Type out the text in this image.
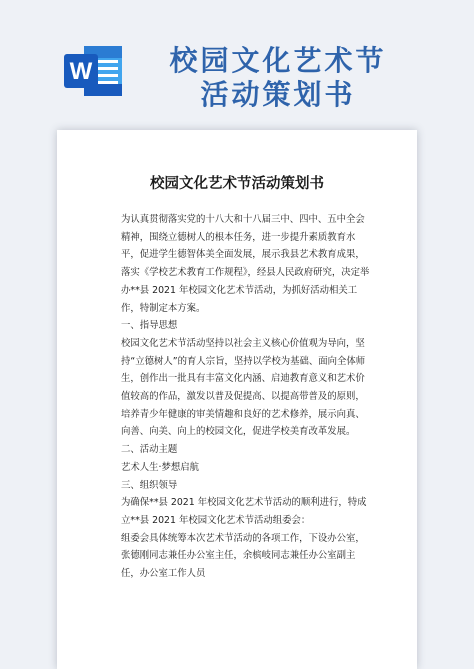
W	校园文化艺术节
活动策划书
校园文化艺术节活动策划书

为认真贯彻落实党的十八大和十八届三中、四中、五中全会精神，围绕立德树人的根本任务，进一步提升素质教育水平，促进学生德智体美全面发展，展示我县艺术教育成果，落实《学校艺术教育工作规程》，经县人民政府研究，决定举办**县 2021 年校园文化艺术节活动，为抓好活动相关工作，特制定本方案。

一、指导思想

校园文化艺术节活动坚持以社会主义核心价值观为导向，坚持“立德树人”的育人宗旨，坚持以学校为基础、面向全体师生，创作出一批具有丰富文化内涵、启迪教育意义和艺术价值较高的作品，激发以普及促提高、以提高带普及的原则，培养青少年健康的审美情趣和良好的艺术修养，展示向真、向善、向美、向上的校园文化，促进学校美育改革发展。

二、活动主题

艺术人生·梦想启航

三、组织领导

为确保**县 2021 年校园文化艺术节活动的顺利进行，特成立**县 2021 年校园文化艺术节活动组委会：

组委会具体统筹本次艺术节活动的各项工作，下设办公室，张德刚同志兼任办公室主任，余槟岐同志兼任办公室副主任，办公室工作人员
